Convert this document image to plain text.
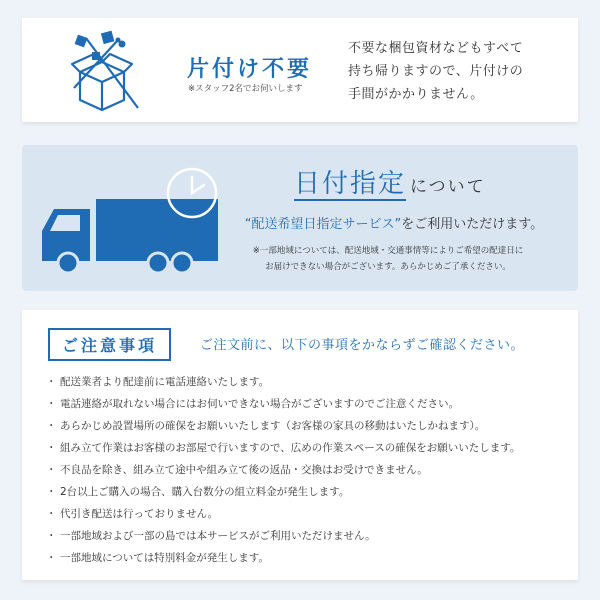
片付け不要
※スタッフ2名でお伺いします
不要な梱包資材などもすべて
持ち帰りますので、片付けの
手間がかかりません。
日付指定 について
“配送希望日指定サービス”をご利用いただけます。
※一部地域については、配送地域・交通事情等によりご希望の配達日に
お届けできない場合がございます。あらかじめご了承ください。
ご注意事項	ご注文前に、以下の事項をかならずご確認ください。
・ 配送業者より配達前に電話連絡いたします。
・ 電話連絡が取れない場合にはお伺いできない場合がございますのでご注意ください。
・ あらかじめ設置場所の確保をお願いいたします（お客様の家具の移動はいたしかねます）。
・ 組み立て作業はお客様のお部屋で行いますので、広めの作業スペースの確保をお願いいたします。
・ 不良品を除き、組み立て途中や組み立て後の返品・交換はお受けできません。
・ 2台以上ご購入の場合、購入台数分の組立料金が発生します。
・ 代引き配送は行っておりません。
・ 一部地域および一部の島では本サービスがご利用いただけません。
・ 一部地域については特別料金が発生します。
